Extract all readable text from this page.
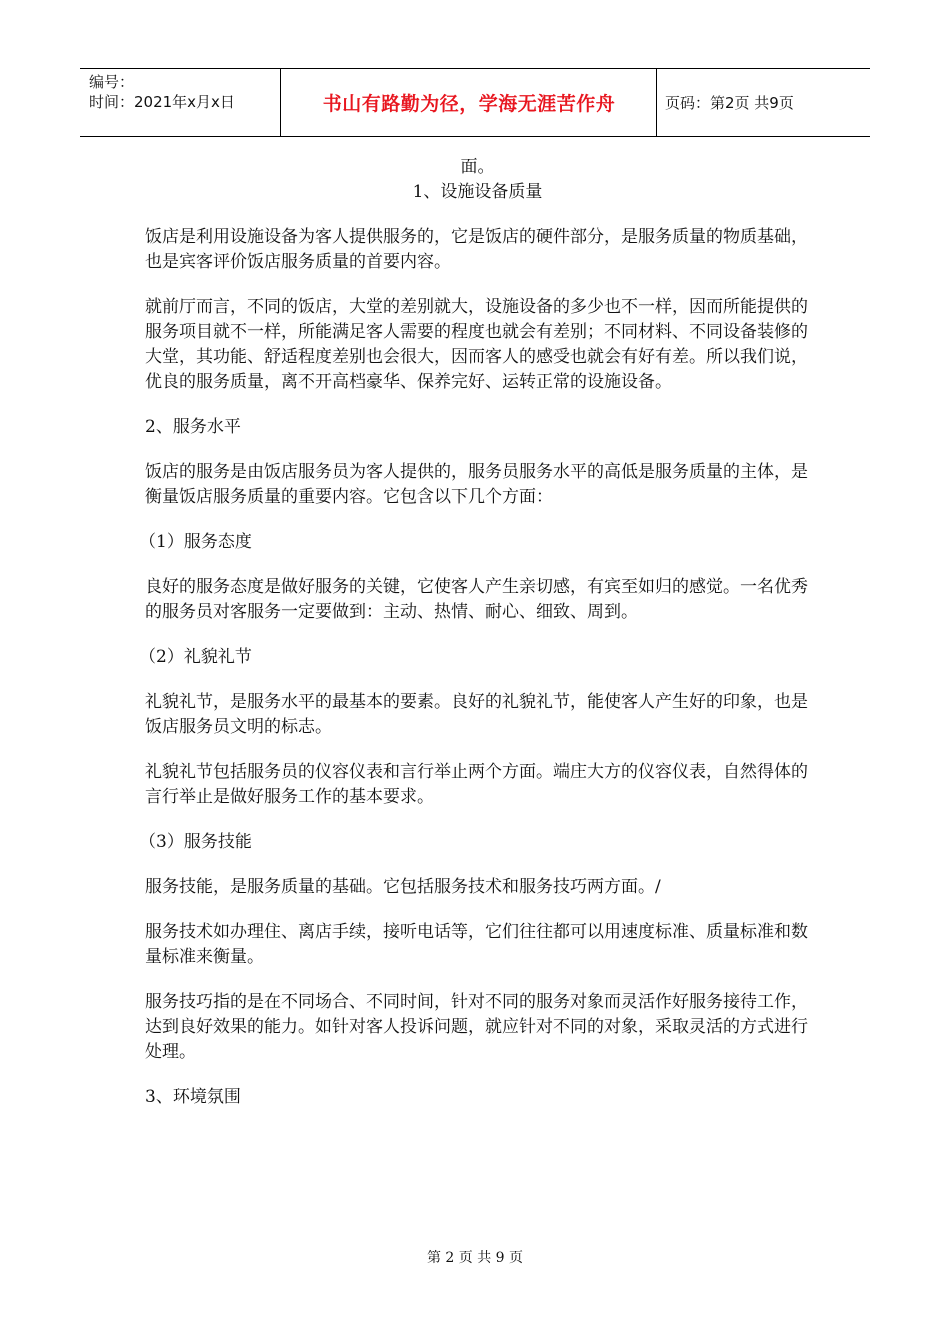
编号：
时间：2021年x月x日	书山有路勤为径，学海无涯苦作舟	页码：第2页 共9页

面。

1、设施设备质量

饭店是利用设施设备为客人提供服务的，它是饭店的硬件部分，是服务质量的物质基础，也是宾客评价饭店服务质量的首要内容。

就前厅而言，不同的饭店，大堂的差别就大，设施设备的多少也不一样，因而所能提供的服务项目就不一样，所能满足客人需要的程度也就会有差别；不同材料、不同设备装修的大堂，其功能、舒适程度差别也会很大，因而客人的感受也就会有好有差。所以我们说，优良的服务质量，离不开高档豪华、保养完好、运转正常的设施设备。

2、服务水平

饭店的服务是由饭店服务员为客人提供的，服务员服务水平的高低是服务质量的主体，是衡量饭店服务质量的重要内容。它包含以下几个方面：

（1）服务态度

良好的服务态度是做好服务的关键，它使客人产生亲切感，有宾至如归的感觉。一名优秀的服务员对客服务一定要做到：主动、热情、耐心、细致、周到。

（2）礼貌礼节

礼貌礼节，是服务水平的最基本的要素。良好的礼貌礼节，能使客人产生好的印象，也是饭店服务员文明的标志。

礼貌礼节包括服务员的仪容仪表和言行举止两个方面。端庄大方的仪容仪表，自然得体的言行举止是做好服务工作的基本要求。

（3）服务技能

服务技能，是服务质量的基础。它包括服务技术和服务技巧两方面。/

服务技术如办理住、离店手续，接听电话等，它们往往都可以用速度标准、质量标准和数量标准来衡量。

服务技巧指的是在不同场合、不同时间，针对不同的服务对象而灵活作好服务接待工作，达到良好效果的能力。如针对客人投诉问题，就应针对不同的对象，采取灵活的方式进行处理。

3、环境氛围

第 2 页 共 9 页
